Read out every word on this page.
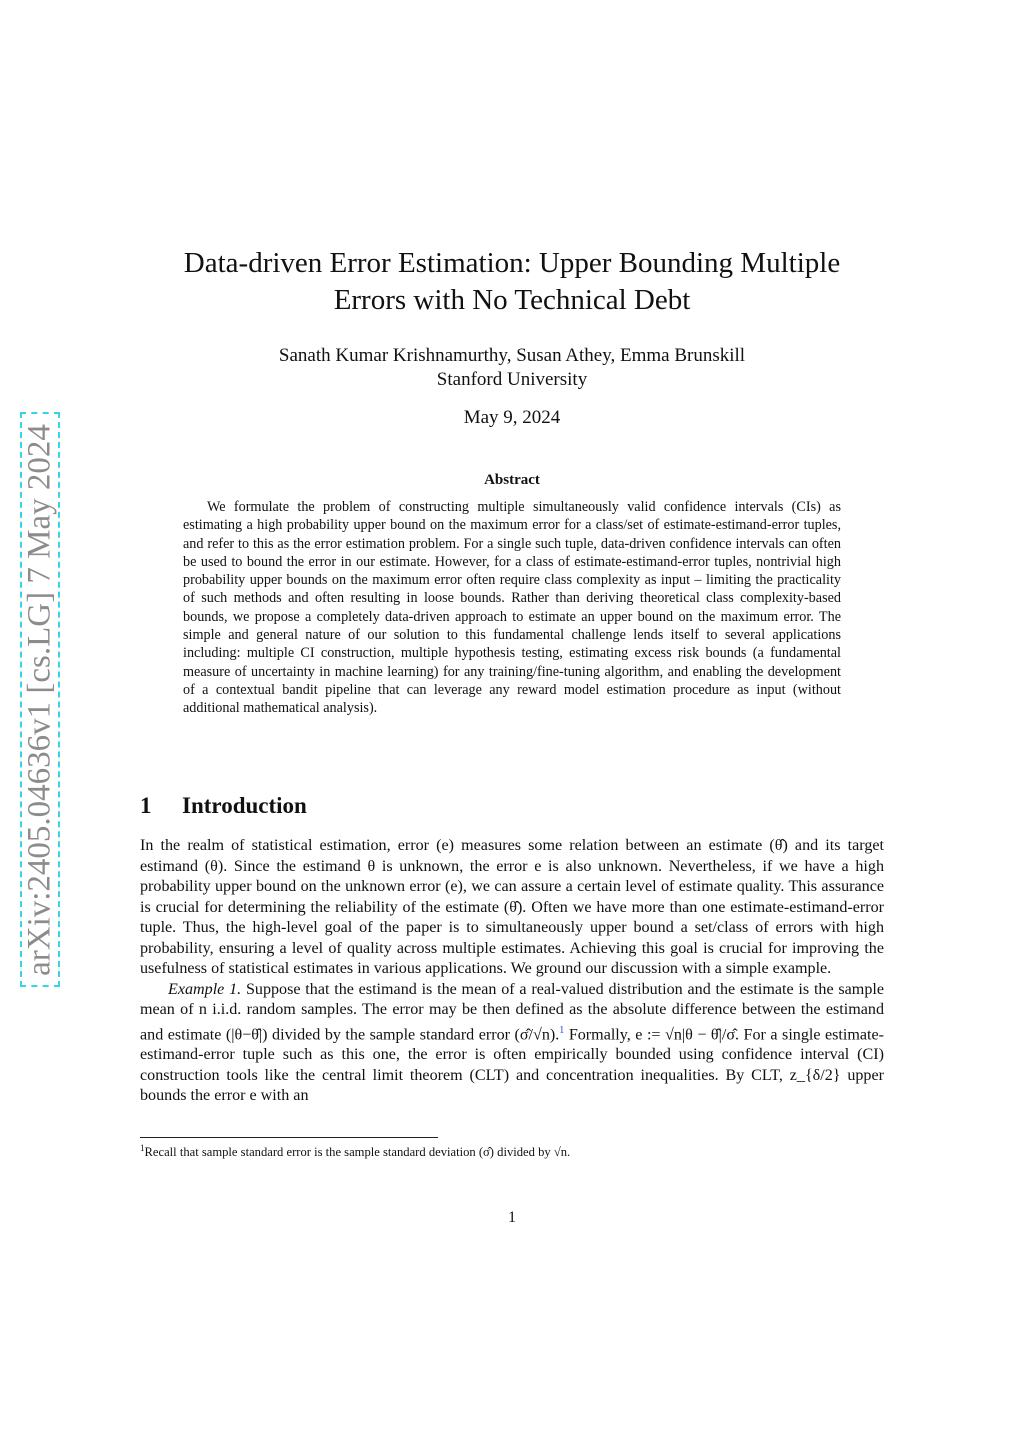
arXiv:2405.04636v1 [cs.LG] 7 May 2024
Data-driven Error Estimation: Upper Bounding Multiple
Errors with No Technical Debt
Sanath Kumar Krishnamurthy, Susan Athey, Emma Brunskill
Stanford University
May 9, 2024
Abstract
We formulate the problem of constructing multiple simultaneously valid confidence intervals (CIs) as estimating a high probability upper bound on the maximum error for a class/set of estimate-estimand-error tuples, and refer to this as the error estimation problem. For a single such tuple, data-driven confidence intervals can often be used to bound the error in our estimate. However, for a class of estimate-estimand-error tuples, nontrivial high probability upper bounds on the maximum error often require class complexity as input – limiting the practicality of such methods and often resulting in loose bounds. Rather than deriving theoretical class complexity-based bounds, we propose a completely data-driven approach to estimate an upper bound on the maximum error. The simple and general nature of our solution to this fundamental challenge lends itself to several applications including: multiple CI construction, multiple hypothesis testing, estimating excess risk bounds (a fundamental measure of uncertainty in machine learning) for any training/fine-tuning algorithm, and enabling the development of a contextual bandit pipeline that can leverage any reward model estimation procedure as input (without additional mathematical analysis).
1 Introduction

In the realm of statistical estimation, error (e) measures some relation between an estimate (θ̂) and its target estimand (θ). Since the estimand θ is unknown, the error e is also unknown. Nevertheless, if we have a high probability upper bound on the unknown error (e), we can assure a certain level of estimate quality. This assurance is crucial for determining the reliability of the estimate (θ̂). Often we have more than one estimate-estimand-error tuple. Thus, the high-level goal of the paper is to simultaneously upper bound a set/class of errors with high probability, ensuring a level of quality across multiple estimates. Achieving this goal is crucial for improving the usefulness of statistical estimates in various applications. We ground our discussion with a simple example.

Example 1. Suppose that the estimand is the mean of a real-valued distribution and the estimate is the sample mean of n i.i.d. random samples. The error may be then defined as the absolute difference between the estimand and estimate (|θ−θ̂|) divided by the sample standard error (σ̂/√n).$^1$ Formally, e := √n|θ − θ̂|/σ̂. For a single estimate-estimand-error tuple such as this one, the error is often empirically bounded using confidence interval (CI) construction tools like the central limit theorem (CLT) and concentration inequalities. By CLT, z_{δ/2} upper bounds the error e with an

$^1$Recall that sample standard error is the sample standard deviation (σ̂) divided by √n.
1
